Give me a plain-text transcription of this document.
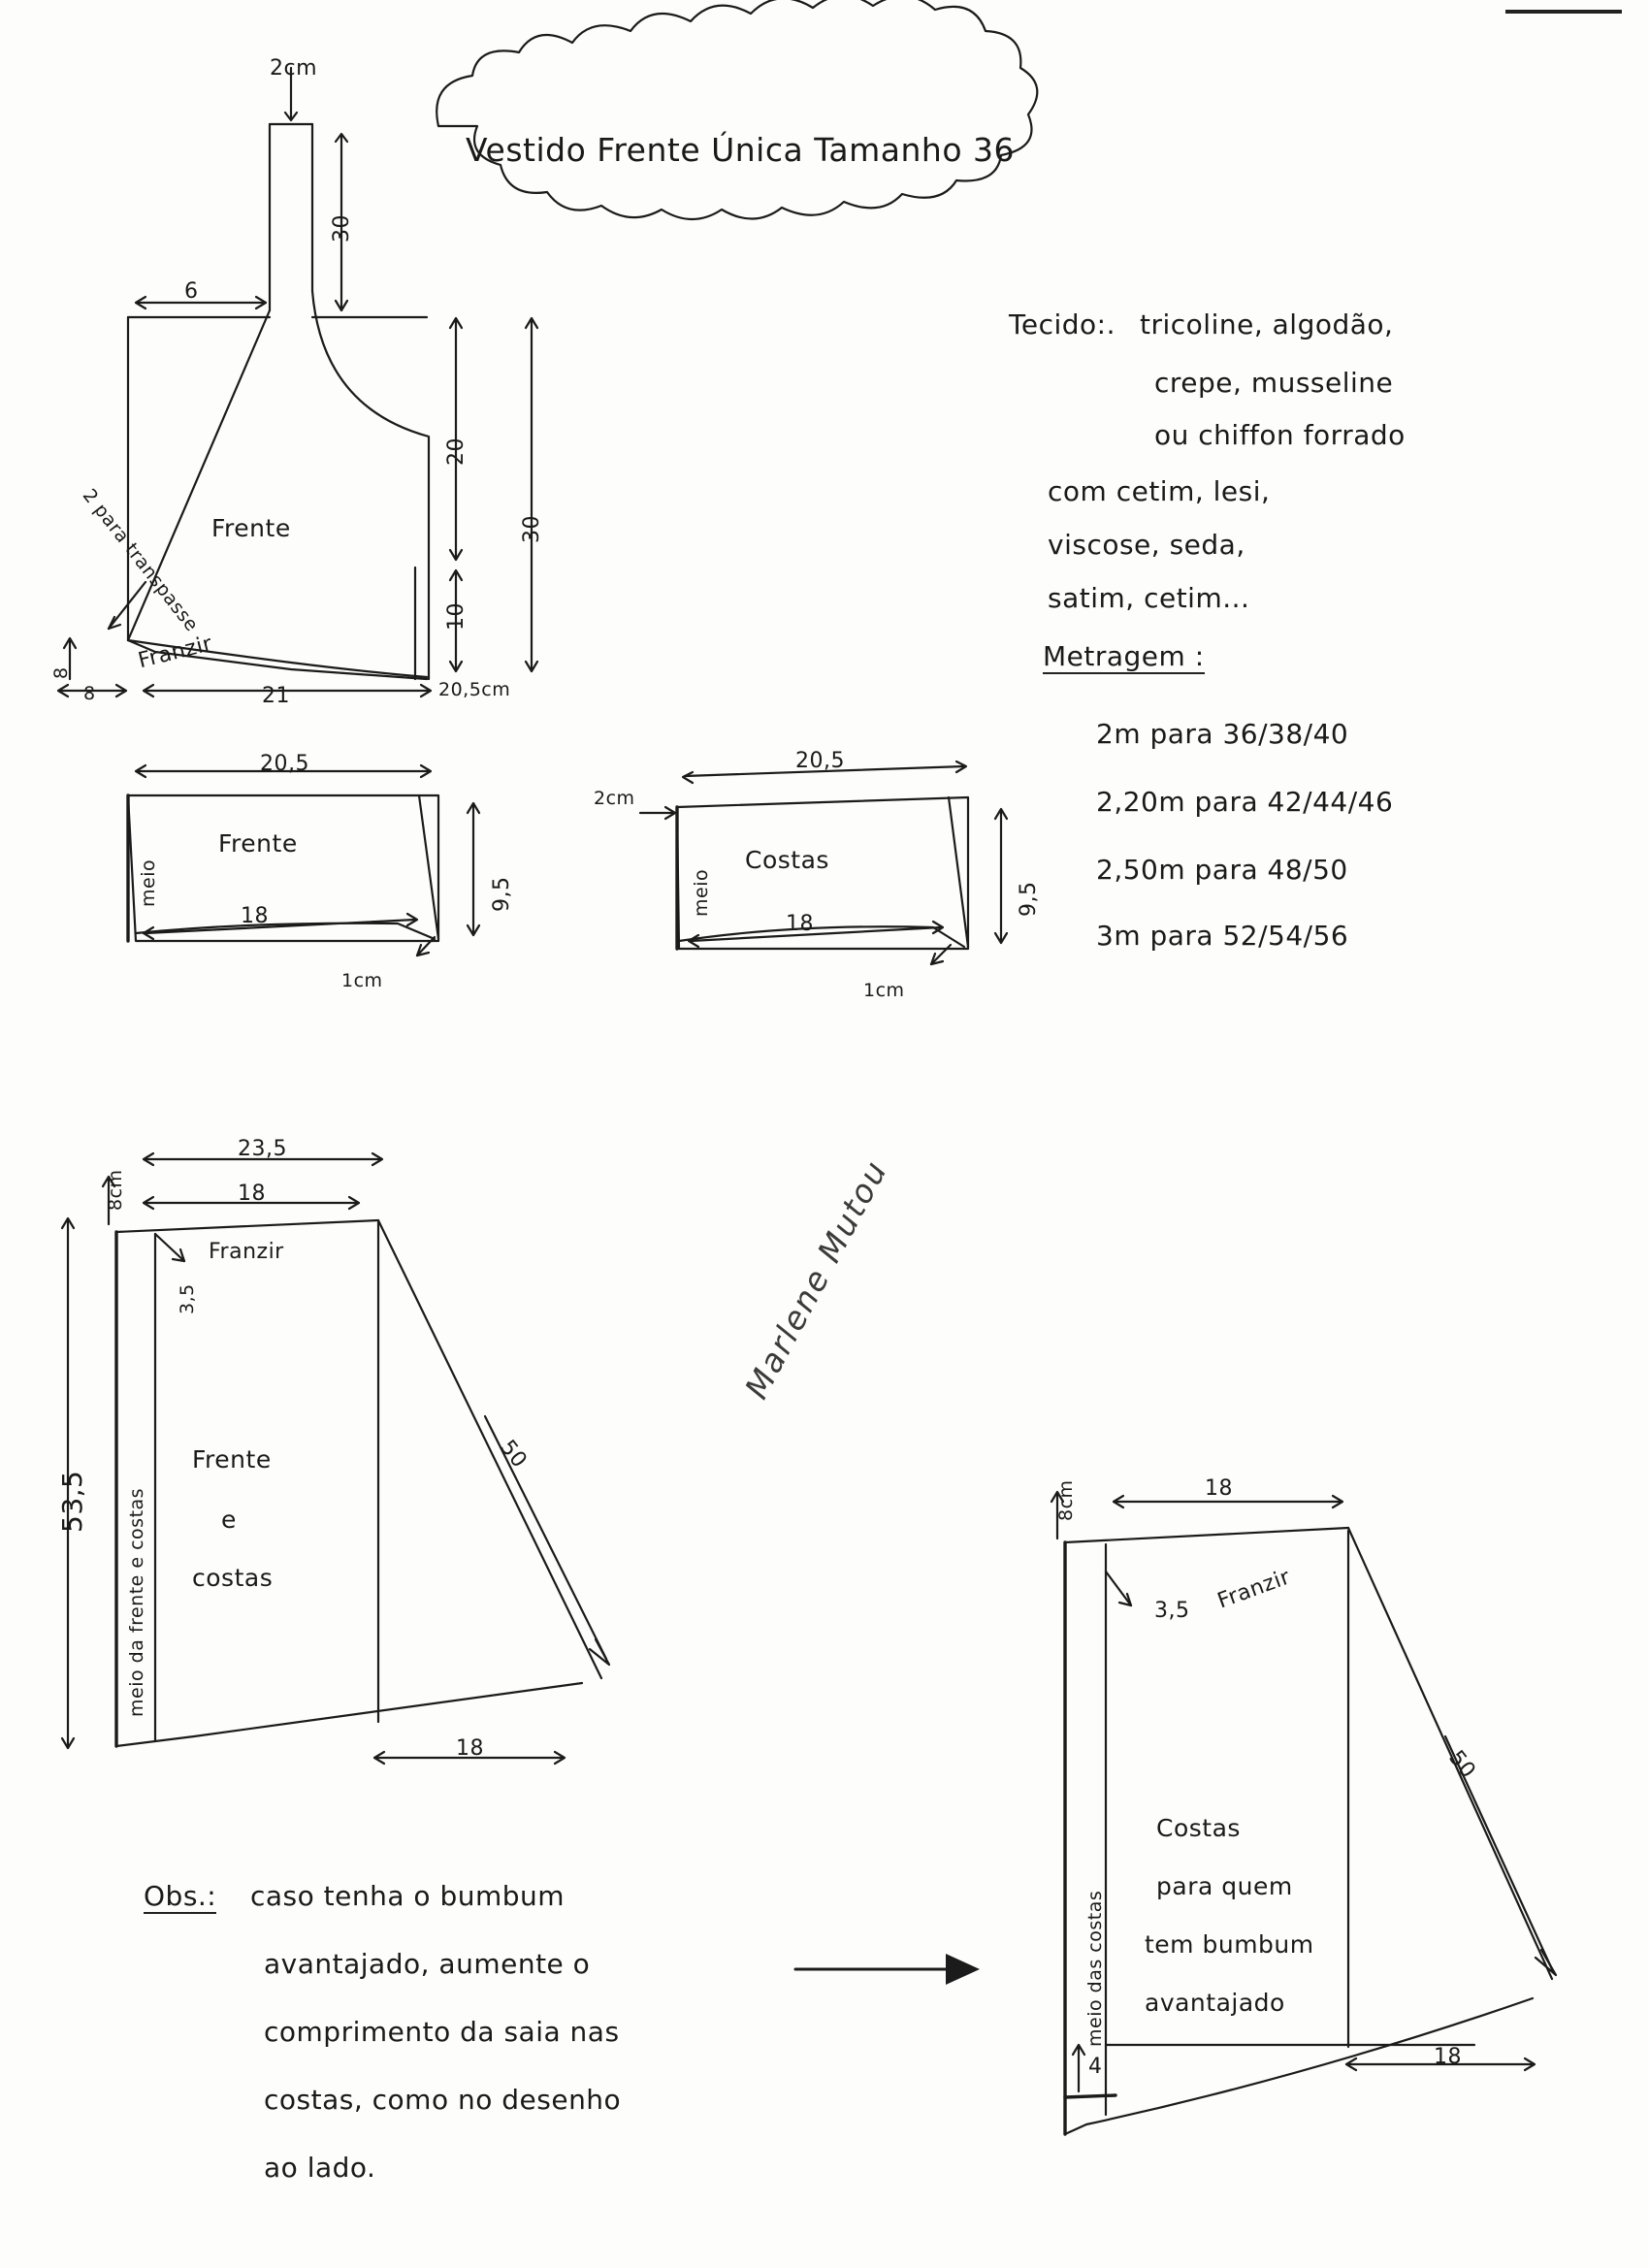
Vestido Frente Única Tamanho 36
2cm
30
6
Frente
20
10
30
21	20,5cm
8
8
2 para transpasse
Franzir
20,5
Frente
18
meio	9,5
1cm
20,5
Costas
18
meio	9,5
1cm
2cm
Tecido:. tricoline, algodão,
crepe, musseline
ou chiffon forrado
com cetim, lesi,
viscose, seda,
satim, cetim...
Metragem :
2m para 36/38/40
2,20m para 42/44/46
2,50m para 48/50
3m para 52/54/56
23,5
18
8cm
Franzir
3,5
53,5 meio da frente e costas
Frente
e
costas
50
18
Obs.: caso tenha o bumbum
avantajado, aumente o
comprimento da saia nas
costas, como no desenho
ao lado.
Marlene Mutou
18
8cm
Franzir
3,5
meio das costas
Costas
para quem
tem bumbum
avantajado
50
18
4
